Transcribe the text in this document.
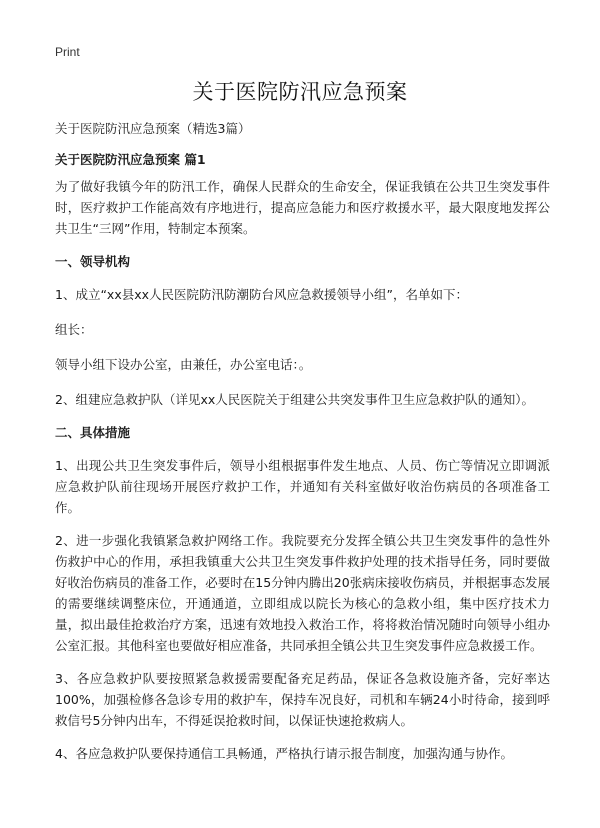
Print
关于医院防汛应急预案

关于医院防汛应急预案（精选3篇）

关于医院防汛应急预案 篇1

为了做好我镇今年的防汛工作，确保人民群众的生命安全，保证我镇在公共卫生突发事件时，医疗救护工作能高效有序地进行，提高应急能力和医疗救援水平，最大限度地发挥公共卫生“三网”作用，特制定本预案。

一、领导机构

1、成立“xx县xx人民医院防汛防潮防台风应急救援领导小组”，名单如下：

组长：

领导小组下设办公室，由兼任，办公室电话：。

2、组建应急救护队（详见xx人民医院关于组建公共突发事件卫生应急救护队的通知）。

二、具体措施

1、出现公共卫生突发事件后，领导小组根据事件发生地点、人员、伤亡等情况立即调派应急救护队前往现场开展医疗救护工作，并通知有关科室做好收治伤病员的各项准备工作。

2、进一步强化我镇紧急救护网络工作。我院要充分发挥全镇公共卫生突发事件的急性外伤救护中心的作用，承担我镇重大公共卫生突发事件救护处理的技术指导任务，同时要做好收治伤病员的准备工作，必要时在15分钟内腾出20张病床接收伤病员，并根据事态发展的需要继续调整床位，开通通道，立即组成以院长为核心的急救小组，集中医疗技术力量，拟出最佳抢救治疗方案，迅速有效地投入救治工作，将将救治情况随时向领导小组办公室汇报。其他科室也要做好相应准备，共同承担全镇公共卫生突发事件应急救援工作。

3、各应急救护队要按照紧急救援需要配备充足药品，保证各急救设施齐备，完好率达100%，加强检修各急诊专用的救护车，保持车况良好，司机和车辆24小时待命，接到呼救信号5分钟内出车，不得延误抢救时间，以保证快速抢救病人。

4、各应急救护队要保持通信工具畅通，严格执行请示报告制度，加强沟通与协作。
